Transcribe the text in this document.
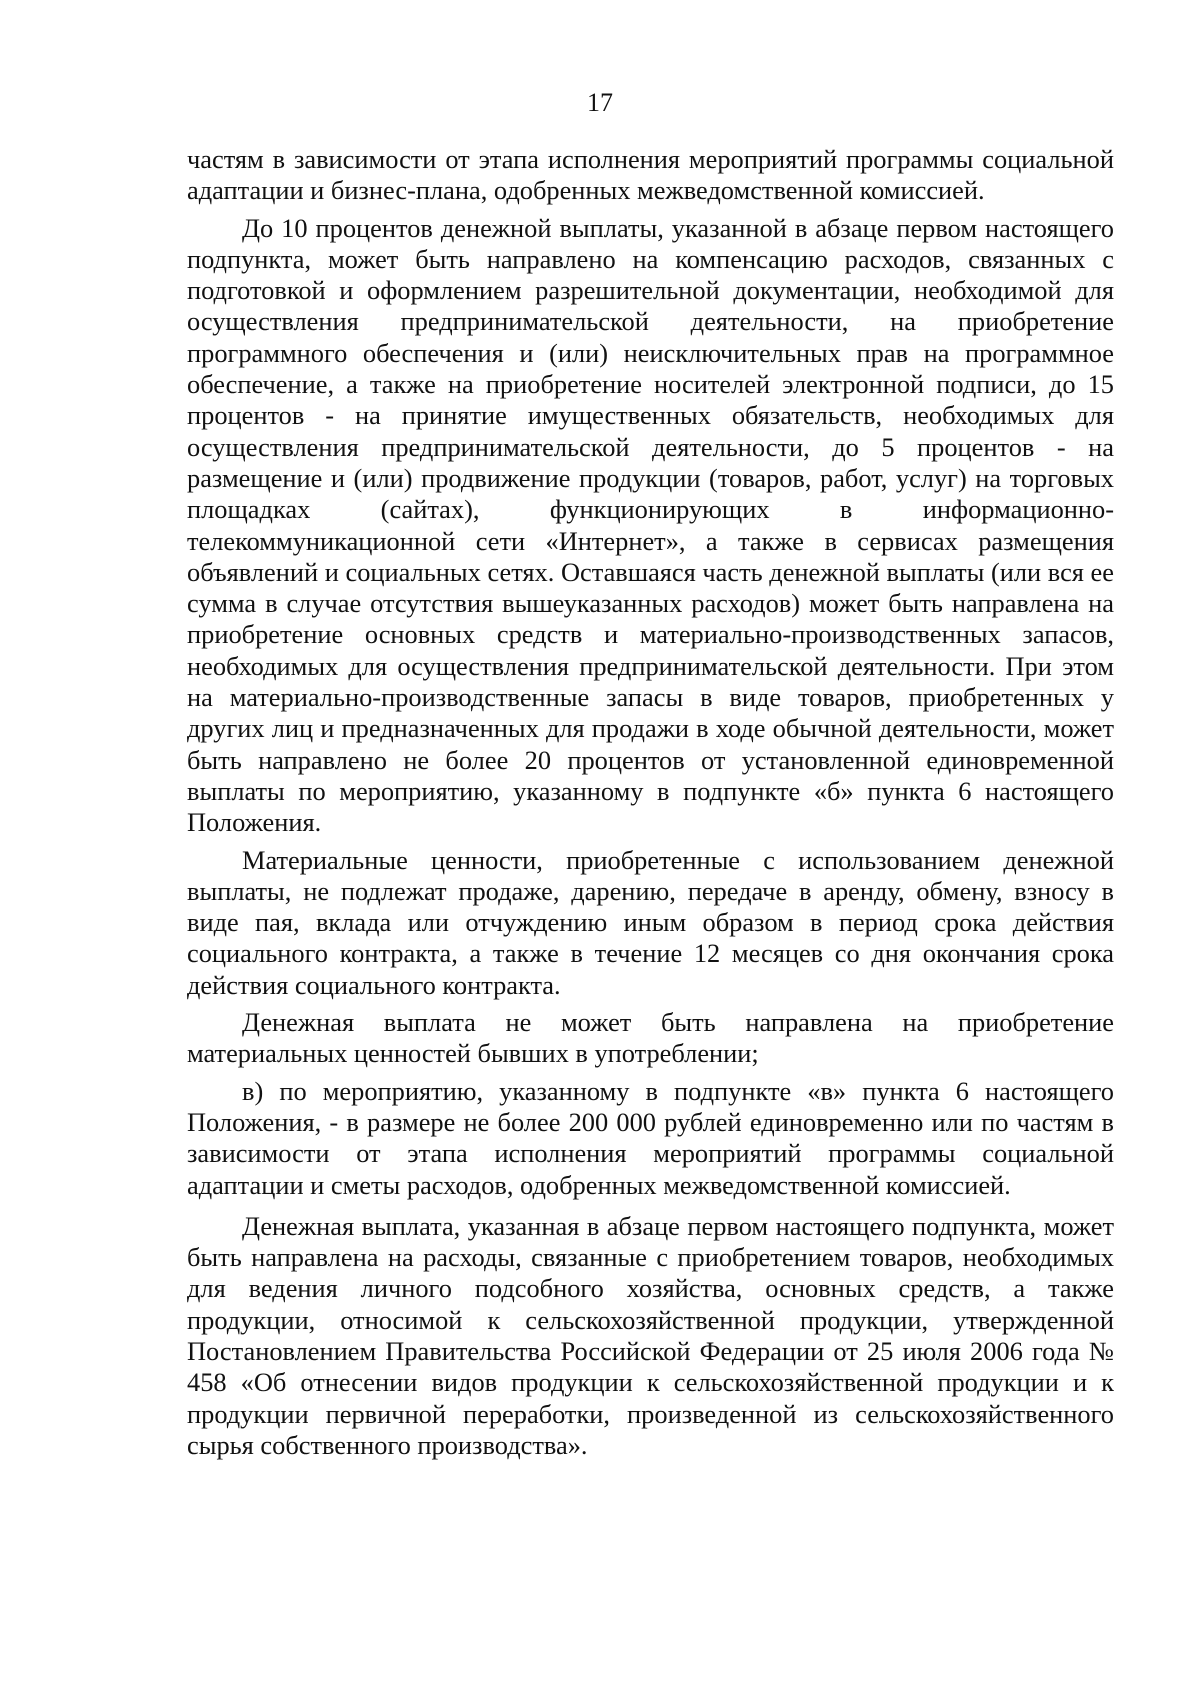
17

частям в зависимости от этапа исполнения мероприятий программы социальной адаптации и бизнес-плана, одобренных межведомственной комиссией.

До 10 процентов денежной выплаты, указанной в абзаце первом настоящего подпункта, может быть направлено на компенсацию расходов, связанных с подготовкой и оформлением разрешительной документации, необходимой для осуществления предпринимательской деятельности, на приобретение программного обеспечения и (или) неисключительных прав на программное обеспечение, а также на приобретение носителей электронной подписи, до 15 процентов - на принятие имущественных обязательств, необходимых для осуществления предпринимательской деятельности, до 5 процентов - на размещение и (или) продвижение продукции (товаров, работ, услуг) на торговых площадках (сайтах), функционирующих в информационно-телекоммуникационной сети «Интернет», а также в сервисах размещения объявлений и социальных сетях. Оставшаяся часть денежной выплаты (или вся ее сумма в случае отсутствия вышеуказанных расходов) может быть направлена на приобретение основных средств и материально-производственных запасов, необходимых для осуществления предпринимательской деятельности. При этом на материально-производственные запасы в виде товаров, приобретенных у других лиц и предназначенных для продажи в ходе обычной деятельности, может быть направлено не более 20 процентов от установленной единовременной выплаты по мероприятию, указанному в подпункте «б» пункта 6 настоящего Положения.

Материальные ценности, приобретенные с использованием денежной выплаты, не подлежат продаже, дарению, передаче в аренду, обмену, взносу в виде пая, вклада или отчуждению иным образом в период срока действия социального контракта, а также в течение 12 месяцев со дня окончания срока действия социального контракта.

Денежная выплата не может быть направлена на приобретение материальных ценностей бывших в употреблении;

в) по мероприятию, указанному в подпункте «в» пункта 6 настоящего Положения, - в размере не более 200 000 рублей единовременно или по частям в зависимости от этапа исполнения мероприятий программы социальной адаптации и сметы расходов, одобренных межведомственной комиссией.

Денежная выплата, указанная в абзаце первом настоящего подпункта, может быть направлена на расходы, связанные с приобретением товаров, необходимых для ведения личного подсобного хозяйства, основных средств, а также продукции, относимой к сельскохозяйственной продукции, утвержденной Постановлением Правительства Российской Федерации от 25 июля 2006 года № 458 «Об отнесении видов продукции к сельскохозяйственной продукции и к продукции первичной переработки, произведенной из сельскохозяйственного сырья собственного производства».
